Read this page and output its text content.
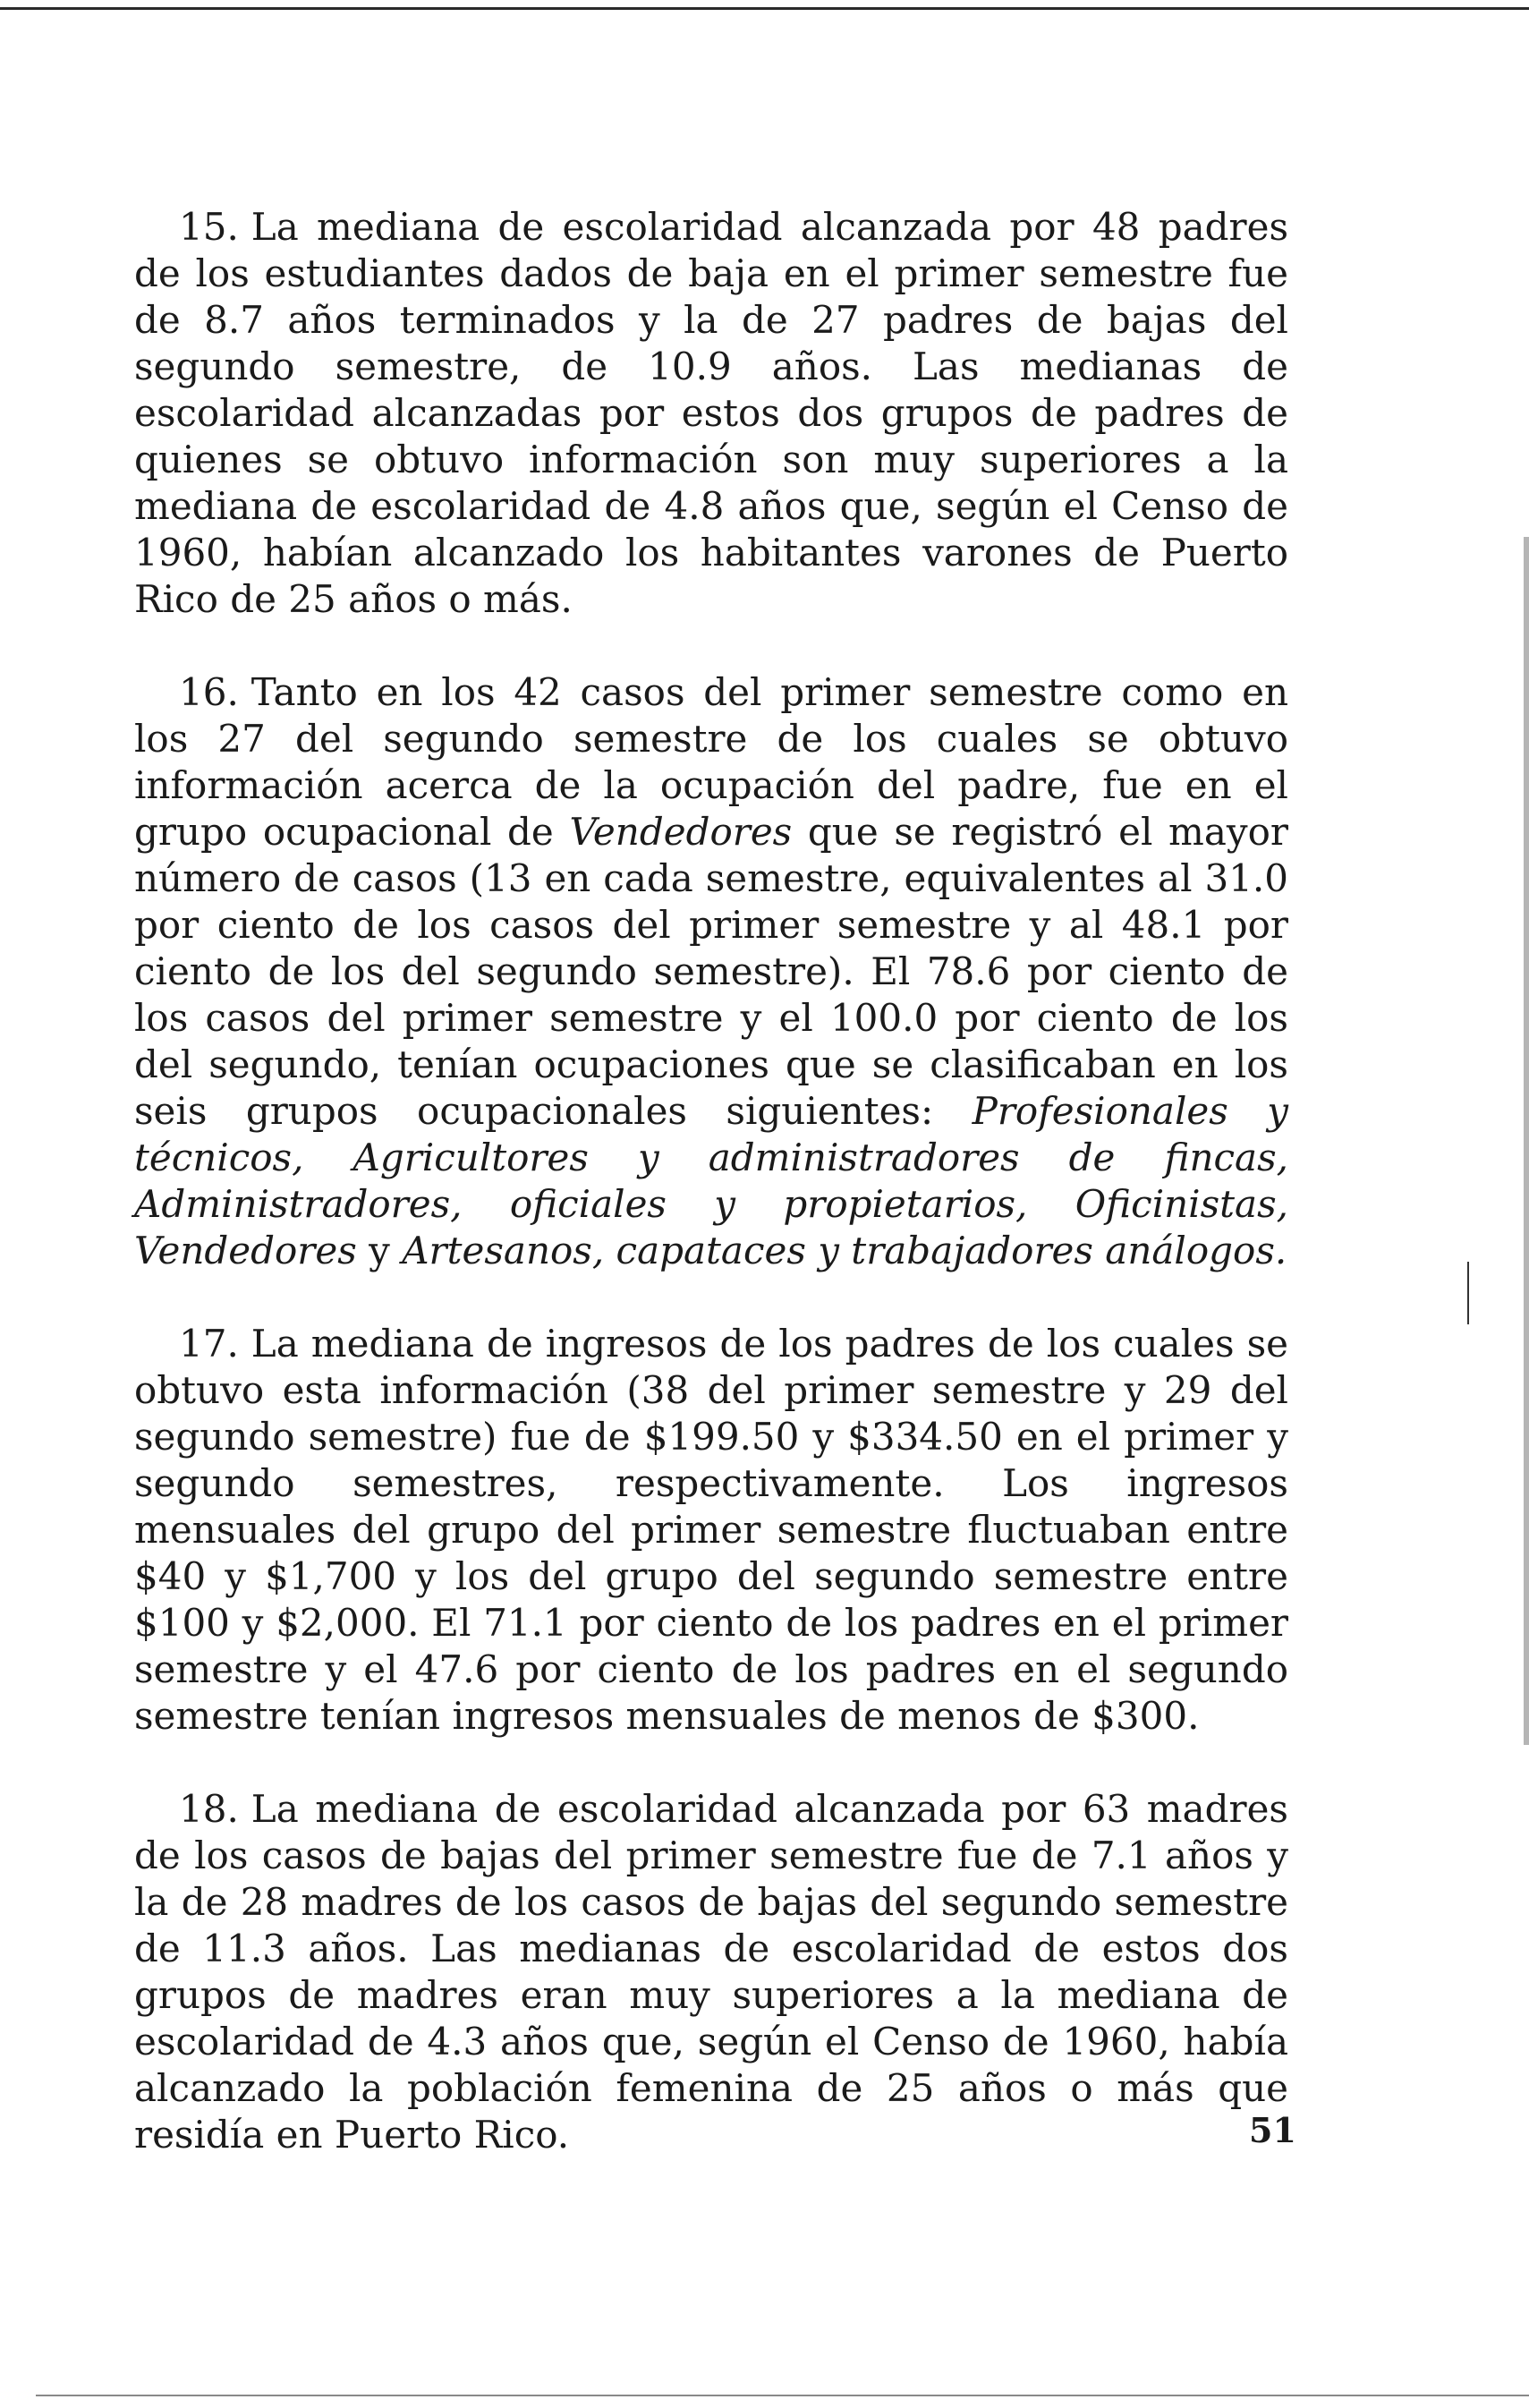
15. La mediana de escolaridad alcanzada por 48 padres de los estudiantes dados de baja en el primer semestre fue de 8.7 años terminados y la de 27 padres de bajas del segundo semestre, de 10.9 años. Las medianas de escolaridad alcanzadas por estos dos grupos de padres de quienes se obtuvo información son muy superiores a la mediana de escolaridad de 4.8 años que, según el Censo de 1960, habían alcanzado los habitantes varones de Puerto Rico de 25 años o más.

16. Tanto en los 42 casos del primer semestre como en los 27 del segundo semestre de los cuales se obtuvo información acerca de la ocupación del padre, fue en el grupo ocupacional de Vendedores que se registró el mayor número de casos (13 en cada semestre, equivalentes al 31.0 por ciento de los casos del primer semestre y al 48.1 por ciento de los del segundo semestre). El 78.6 por ciento de los casos del primer semestre y el 100.0 por ciento de los del segundo, tenían ocupaciones que se clasificaban en los seis grupos ocupacionales siguientes: Profesionales y técnicos, Agricultores y administradores de fincas, Administradores, oficiales y propietarios, Oficinistas, Vendedores y Artesanos, capataces y trabajadores análogos.

17. La mediana de ingresos de los padres de los cuales se obtuvo esta información (38 del primer semestre y 29 del segundo semestre) fue de $199.50 y $334.50 en el primer y segundo semestres, respectivamente. Los ingresos mensuales del grupo del primer semestre fluctuaban entre $40 y $1,700 y los del grupo del segundo semestre entre $100 y $2,000. El 71.1 por ciento de los padres en el primer semestre y el 47.6 por ciento de los padres en el segundo semestre tenían ingresos mensuales de menos de $300.

18. La mediana de escolaridad alcanzada por 63 madres de los casos de bajas del primer semestre fue de 7.1 años y la de 28 madres de los casos de bajas del segundo semestre de 11.3 años. Las medianas de escolaridad de estos dos grupos de madres eran muy superiores a la mediana de escolaridad de 4.3 años que, según el Censo de 1960, había alcanzado la población femenina de 25 años o más que residía en Puerto Rico.	51
